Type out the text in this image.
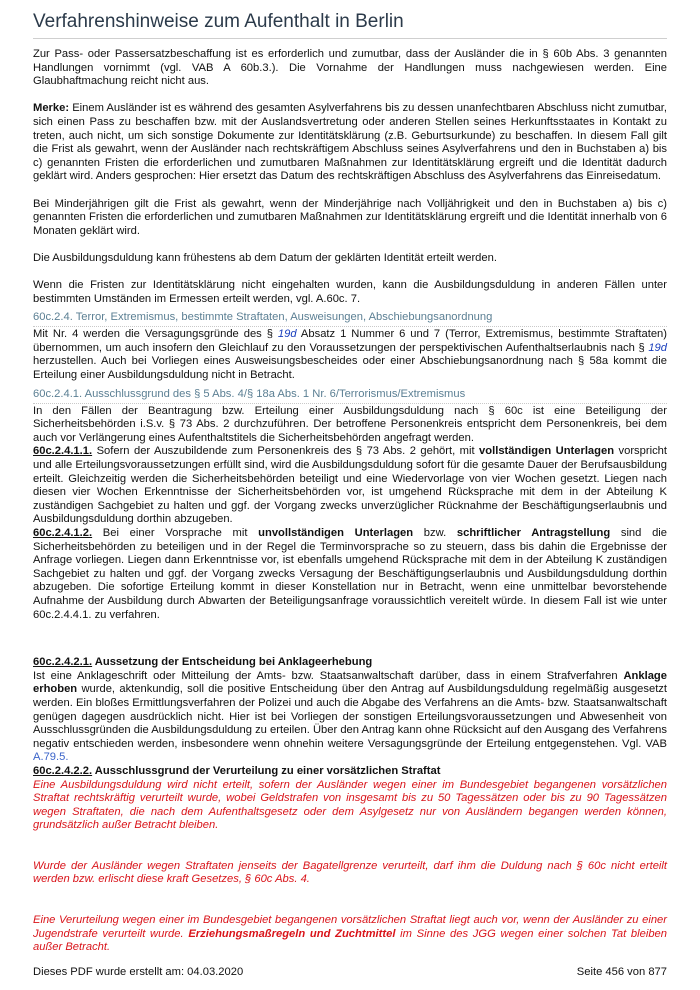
Verfahrenshinweise zum Aufenthalt in Berlin

Zur Pass- oder Passersatzbeschaffung ist es erforderlich und zumutbar, dass der Ausländer die in § 60b Abs. 3 genannten Handlungen vornimmt (vgl. VAB A 60b.3.). Die Vornahme der Handlungen muss nachgewiesen werden. Eine Glaubhaftmachung reicht nicht aus.

Merke: Einem Ausländer ist es während des gesamten Asylverfahrens bis zu dessen unanfechtbaren Abschluss nicht zumutbar, sich einen Pass zu beschaffen bzw. mit der Auslandsvertretung oder anderen Stellen seines Herkunftsstaates in Kontakt zu treten, auch nicht, um sich sonstige Dokumente zur Identitätsklärung (z.B. Geburtsurkunde) zu beschaffen. In diesem Fall gilt die Frist als gewahrt, wenn der Ausländer nach rechtskräftigem Abschluss seines Asylverfahrens und den in Buchstaben a) bis c) genannten Fristen die erforderlichen und zumutbaren Maßnahmen zur Identitätsklärung ergreift und die Identität dadurch geklärt wird. Anders gesprochen: Hier ersetzt das Datum des rechtskräftigen Abschluss des Asylverfahrens das Einreisedatum.

Bei Minderjährigen gilt die Frist als gewahrt, wenn der Minderjährige nach Volljährigkeit und den in Buchstaben a) bis c) genannten Fristen die erforderlichen und zumutbaren Maßnahmen zur Identitätsklärung ergreift und die Identität innerhalb von 6 Monaten geklärt wird.

Die Ausbildungsduldung kann frühestens ab dem Datum der geklärten Identität erteilt werden.

Wenn die Fristen zur Identitätsklärung nicht eingehalten wurden, kann die Ausbildungsduldung in anderen Fällen unter bestimmten Umständen im Ermessen erteilt werden, vgl. A.60c. 7.

60c.2.4. Terror, Extremismus, bestimmte Straftaten, Ausweisungen, Abschiebungsanordnung

Mit Nr. 4 werden die Versagungsgründe des § 19d Absatz 1 Nummer 6 und 7 (Terror, Extremismus, bestimmte Straftaten) übernommen, um auch insofern den Gleichlauf zu den Voraussetzungen der perspektivischen Aufenthaltserlaubnis nach § 19d herzustellen. Auch bei Vorliegen eines Ausweisungsbescheides oder einer Abschiebungsanordnung nach § 58a kommt die Erteilung einer Ausbildungsduldung nicht in Betracht.

60c.2.4.1. Ausschlussgrund des § 5 Abs. 4/§ 18a Abs. 1 Nr. 6/Terrorismus/Extremismus

In den Fällen der Beantragung bzw. Erteilung einer Ausbildungsduldung nach § 60c ist eine Beteiligung der Sicherheitsbehörden i.S.v. § 73 Abs. 2 durchzuführen. Der betroffene Personenkreis entspricht dem Personenkreis, bei dem auch vor Verlängerung eines Aufenthaltstitels die Sicherheitsbehörden angefragt werden.

60c.2.4.1.1. Sofern der Auszubildende zum Personenkreis des § 73 Abs. 2 gehört, mit vollständigen Unterlagen vorspricht und alle Erteilungsvoraussetzungen erfüllt sind, wird die Ausbildungsduldung sofort für die gesamte Dauer der Berufsausbildung erteilt. Gleichzeitig werden die Sicherheitsbehörden beteiligt und eine Wiedervorlage von vier Wochen gesetzt. Liegen nach diesen vier Wochen Erkenntnisse der Sicherheitsbehörden vor, ist umgehend Rücksprache mit dem in der Abteilung K zuständigen Sachgebiet zu halten und ggf. der Vorgang zwecks unverzüglicher Rücknahme der Beschäftigungserlaubnis und Ausbildungsduldung dorthin abzugeben.

60c.2.4.1.2. Bei einer Vorsprache mit unvollständigen Unterlagen bzw. schriftlicher Antragstellung sind die Sicherheitsbehörden zu beteiligen und in der Regel die Terminvorsprache so zu steuern, dass bis dahin die Ergebnisse der Anfrage vorliegen. Liegen dann Erkenntnisse vor, ist ebenfalls umgehend Rücksprache mit dem in der Abteilung K zuständigen Sachgebiet zu halten und ggf. der Vorgang zwecks Versagung der Beschäftigungserlaubnis und Ausbildungsduldung dorthin abzugeben. Die sofortige Erteilung kommt in dieser Konstellation nur in Betracht, wenn eine unmittelbar bevorstehende Aufnahme der Ausbildung durch Abwarten der Beteiligungsanfrage voraussichtlich vereitelt würde. In diesem Fall ist wie unter 60c.2.4.4.1. zu verfahren.

60c.2.4.2.1. Aussetzung der Entscheidung bei Anklageerhebung

Ist eine Anklageschrift oder Mitteilung der Amts- bzw. Staatsanwaltschaft darüber, dass in einem Strafverfahren Anklage erhoben wurde, aktenkundig, soll die positive Entscheidung über den Antrag auf Ausbildungsduldung regelmäßig ausgesetzt werden. Ein bloßes Ermittlungsverfahren der Polizei und auch die Abgabe des Verfahrens an die Amts- bzw. Staatsanwaltschaft genügen dagegen ausdrücklich nicht. Hier ist bei Vorliegen der sonstigen Erteilungsvoraussetzungen und Abwesenheit von Ausschlussgründen die Ausbildungsduldung zu erteilen. Über den Antrag kann ohne Rücksicht auf den Ausgang des Verfahrens negativ entschieden werden, insbesondere wenn ohnehin weitere Versagungsgründe der Erteilung entgegenstehen. Vgl. VAB A.79.5.

60c.2.4.2.2. Ausschlussgrund der Verurteilung zu einer vorsätzlichen Straftat

Eine Ausbildungsduldung wird nicht erteilt, sofern der Ausländer wegen einer im Bundesgebiet begangenen vorsätzlichen Straftat rechtskräftig verurteilt wurde, wobei Geldstrafen von insgesamt bis zu 50 Tagessätzen oder bis zu 90 Tagessätzen wegen Straftaten, die nach dem Aufenthaltsgesetz oder dem Asylgesetz nur von Ausländern begangen werden können, grundsätzlich außer Betracht bleiben.

Wurde der Ausländer wegen Straftaten jenseits der Bagatellgrenze verurteilt, darf ihm die Duldung nach § 60c nicht erteilt werden bzw. erlischt diese kraft Gesetzes, § 60c Abs. 4.

Eine Verurteilung wegen einer im Bundesgebiet begangenen vorsätzlichen Straftat liegt auch vor, wenn der Ausländer zu einer Jugendstrafe verurteilt wurde. Erziehungsmaßregeln und Zuchtmittel im Sinne des JGG wegen einer solchen Tat bleiben außer Betracht.

Dieses PDF wurde erstellt am: 04.03.2020	Seite 456 von 877
